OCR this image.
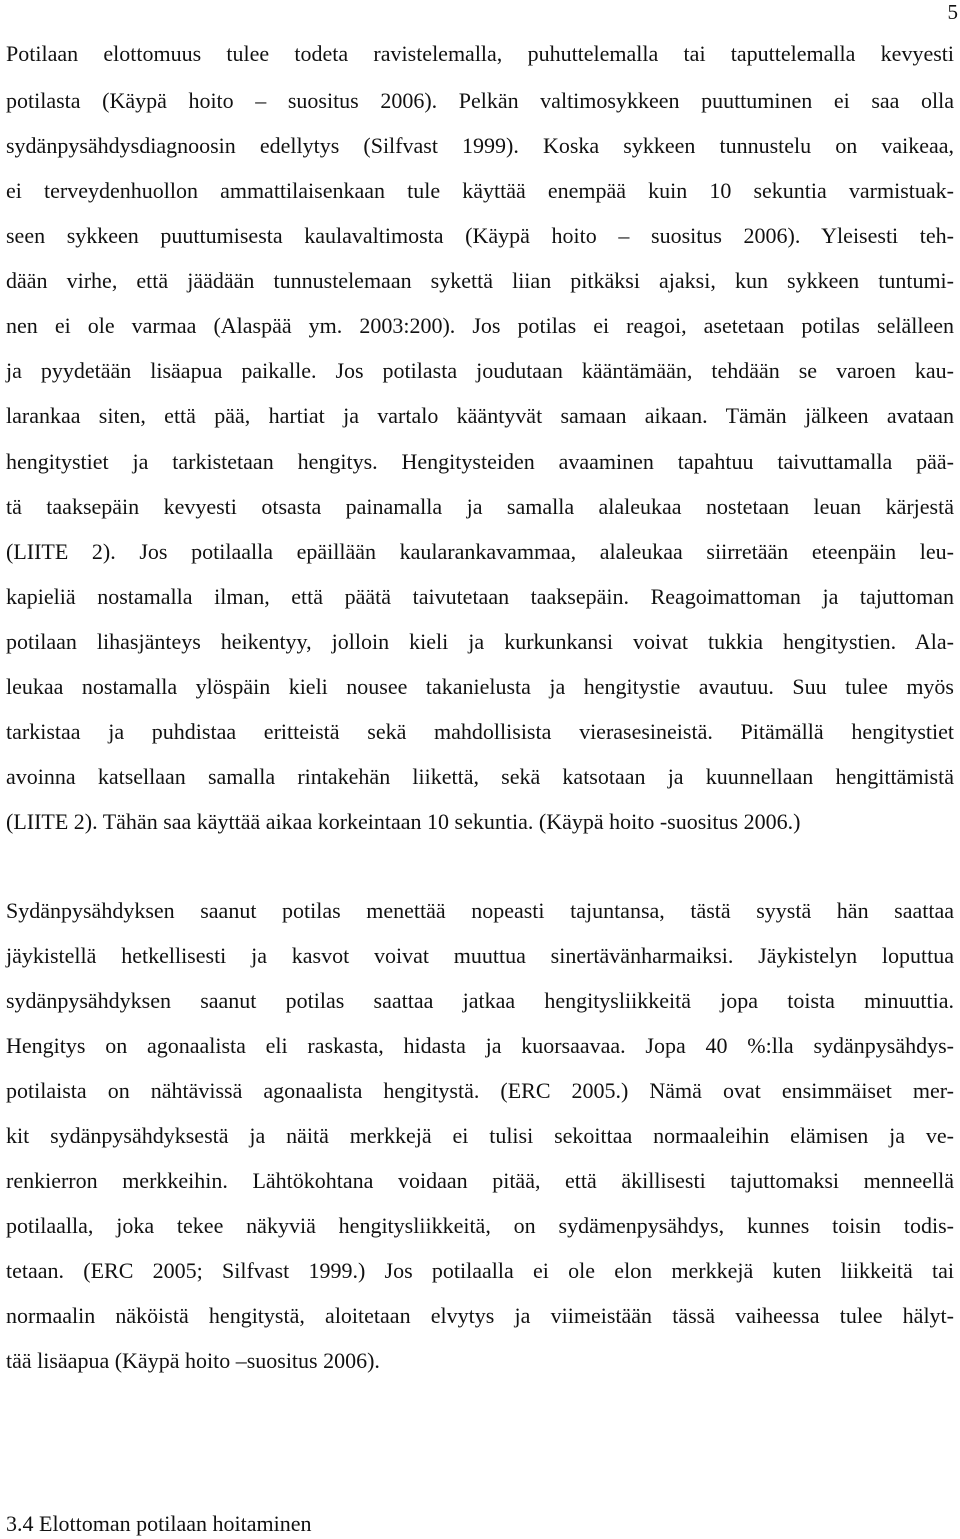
5
Potilaan elottomuus tulee todeta ravistelemalla, puhuttelemalla tai taputtelemalla kevyesti
potilasta (Käypä hoito – suositus 2006). Pelkän valtimosykkeen puuttuminen ei saa olla
sydänpysähdysdiagnoosin edellytys (Silfvast 1999). Koska sykkeen tunnustelu on vaikeaa,
ei terveydenhuollon ammattilaisenkaan tule käyttää enempää kuin 10 sekuntia varmistuak-
seen sykkeen puuttumisesta kaulavaltimosta (Käypä hoito – suositus 2006). Yleisesti teh-
dään virhe, että jäädään tunnustelemaan sykettä liian pitkäksi ajaksi, kun sykkeen tuntumi-
nen ei ole varmaa (Alaspää ym. 2003:200). Jos potilas ei reagoi, asetetaan potilas selälleen
ja pyydetään lisäapua paikalle. Jos potilasta joudutaan kääntämään, tehdään se varoen kau-
larankaa siten, että pää, hartiat ja vartalo kääntyvät samaan aikaan. Tämän jälkeen avataan
hengitystiet ja tarkistetaan hengitys. Hengitysteiden avaaminen tapahtuu taivuttamalla pää-
tä taaksepäin kevyesti otsasta painamalla ja samalla alaleukaa nostetaan leuan kärjestä
(LIITE 2). Jos potilaalla epäillään kaularankavammaa, alaleukaa siirretään eteenpäin leu-
kapieliä nostamalla ilman, että päätä taivutetaan taaksepäin. Reagoimattoman ja tajuttoman
potilaan lihasjänteys heikentyy, jolloin kieli ja kurkunkansi voivat tukkia hengitystien. Ala-
leukaa nostamalla ylöspäin kieli nousee takanielusta ja hengitystie avautuu. Suu tulee myös
tarkistaa ja puhdistaa eritteistä sekä mahdollisista vierasesineistä. Pitämällä hengitystiet
avoinna katsellaan samalla rintakehän liikettä, sekä katsotaan ja kuunnellaan hengittämistä
(LIITE 2). Tähän saa käyttää aikaa korkeintaan 10 sekuntia. (Käypä hoito -suositus 2006.)
Sydänpysähdyksen saanut potilas menettää nopeasti tajuntansa, tästä syystä hän saattaa
jäykistellä hetkellisesti ja kasvot voivat muuttua sinertävänharmaiksi. Jäykistelyn loputtua
sydänpysähdyksen saanut potilas saattaa jatkaa hengitysliikkeitä jopa toista minuuttia.
Hengitys on agonaalista eli raskasta, hidasta ja kuorsaavaa. Jopa 40 %:lla sydänpysähdys-
potilaista on nähtävissä agonaalista hengitystä. (ERC 2005.) Nämä ovat ensimmäiset mer-
kit sydänpysähdyksestä ja näitä merkkejä ei tulisi sekoittaa normaaleihin elämisen ja ve-
renkierron merkkeihin. Lähtökohtana voidaan pitää, että äkillisesti tajuttomaksi menneellä
potilaalla, joka tekee näkyviä hengitysliikkeitä, on sydämenpysähdys, kunnes toisin todis-
tetaan. (ERC 2005; Silfvast 1999.) Jos potilaalla ei ole elon merkkejä kuten liikkeitä tai
normaalin näköistä hengitystä, aloitetaan elvytys ja viimeistään tässä vaiheessa tulee hälyt-
tää lisäapua (Käypä hoito –suositus 2006).
3.4 Elottoman potilaan hoitaminen
